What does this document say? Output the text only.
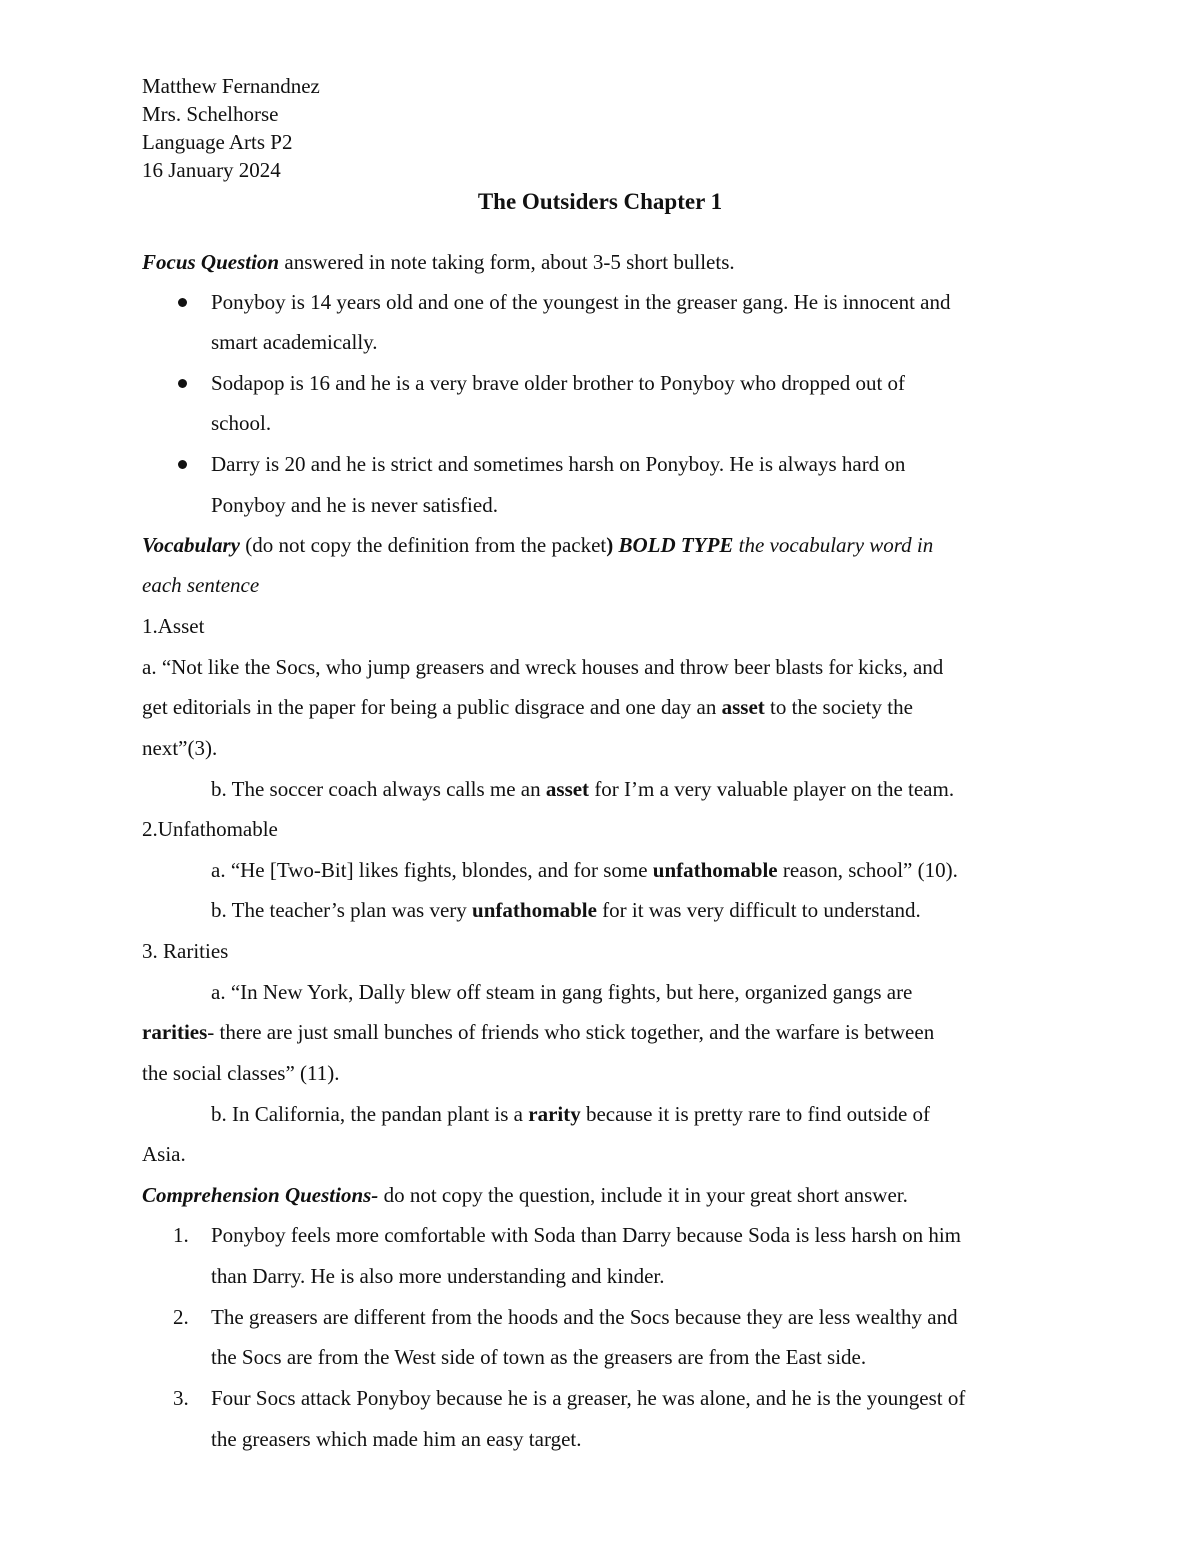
Matthew Fernandnez
Mrs. Schelhorse
Language Arts P2
16 January 2024
The Outsiders Chapter 1
Focus Question answered in note taking form, about 3-5 short bullets.
Ponyboy is 14 years old and one of the youngest in the greaser gang. He is innocent and
smart academically.
Sodapop is 16 and he is a very brave older brother to Ponyboy who dropped out of
school.
Darry is 20 and he is strict and sometimes harsh on Ponyboy. He is always hard on
Ponyboy and he is never satisfied.
Vocabulary (do not copy the definition from the packet) BOLD TYPE the vocabulary word in
each sentence
1.Asset
a. “Not like the Socs, who jump greasers and wreck houses and throw beer blasts for kicks, and
get editorials in the paper for being a public disgrace and one day an asset to the society the
next”(3).
b. The soccer coach always calls me an asset for I’m a very valuable player on the team.
2.Unfathomable
a. “He [Two-Bit] likes fights, blondes, and for some unfathomable reason, school” (10).
b. The teacher’s plan was very unfathomable for it was very difficult to understand.
3. Rarities
a. “In New York, Dally blew off steam in gang fights, but here, organized gangs are
rarities- there are just small bunches of friends who stick together, and the warfare is between
the social classes” (11).
b. In California, the pandan plant is a rarity because it is pretty rare to find outside of
Asia.
Comprehension Questions- do not copy the question, include it in your great short answer.
1. Ponyboy feels more comfortable with Soda than Darry because Soda is less harsh on him
than Darry. He is also more understanding and kinder.
2. The greasers are different from the hoods and the Socs because they are less wealthy and
the Socs are from the West side of town as the greasers are from the East side.
3. Four Socs attack Ponyboy because he is a greaser, he was alone, and he is the youngest of
the greasers which made him an easy target.
